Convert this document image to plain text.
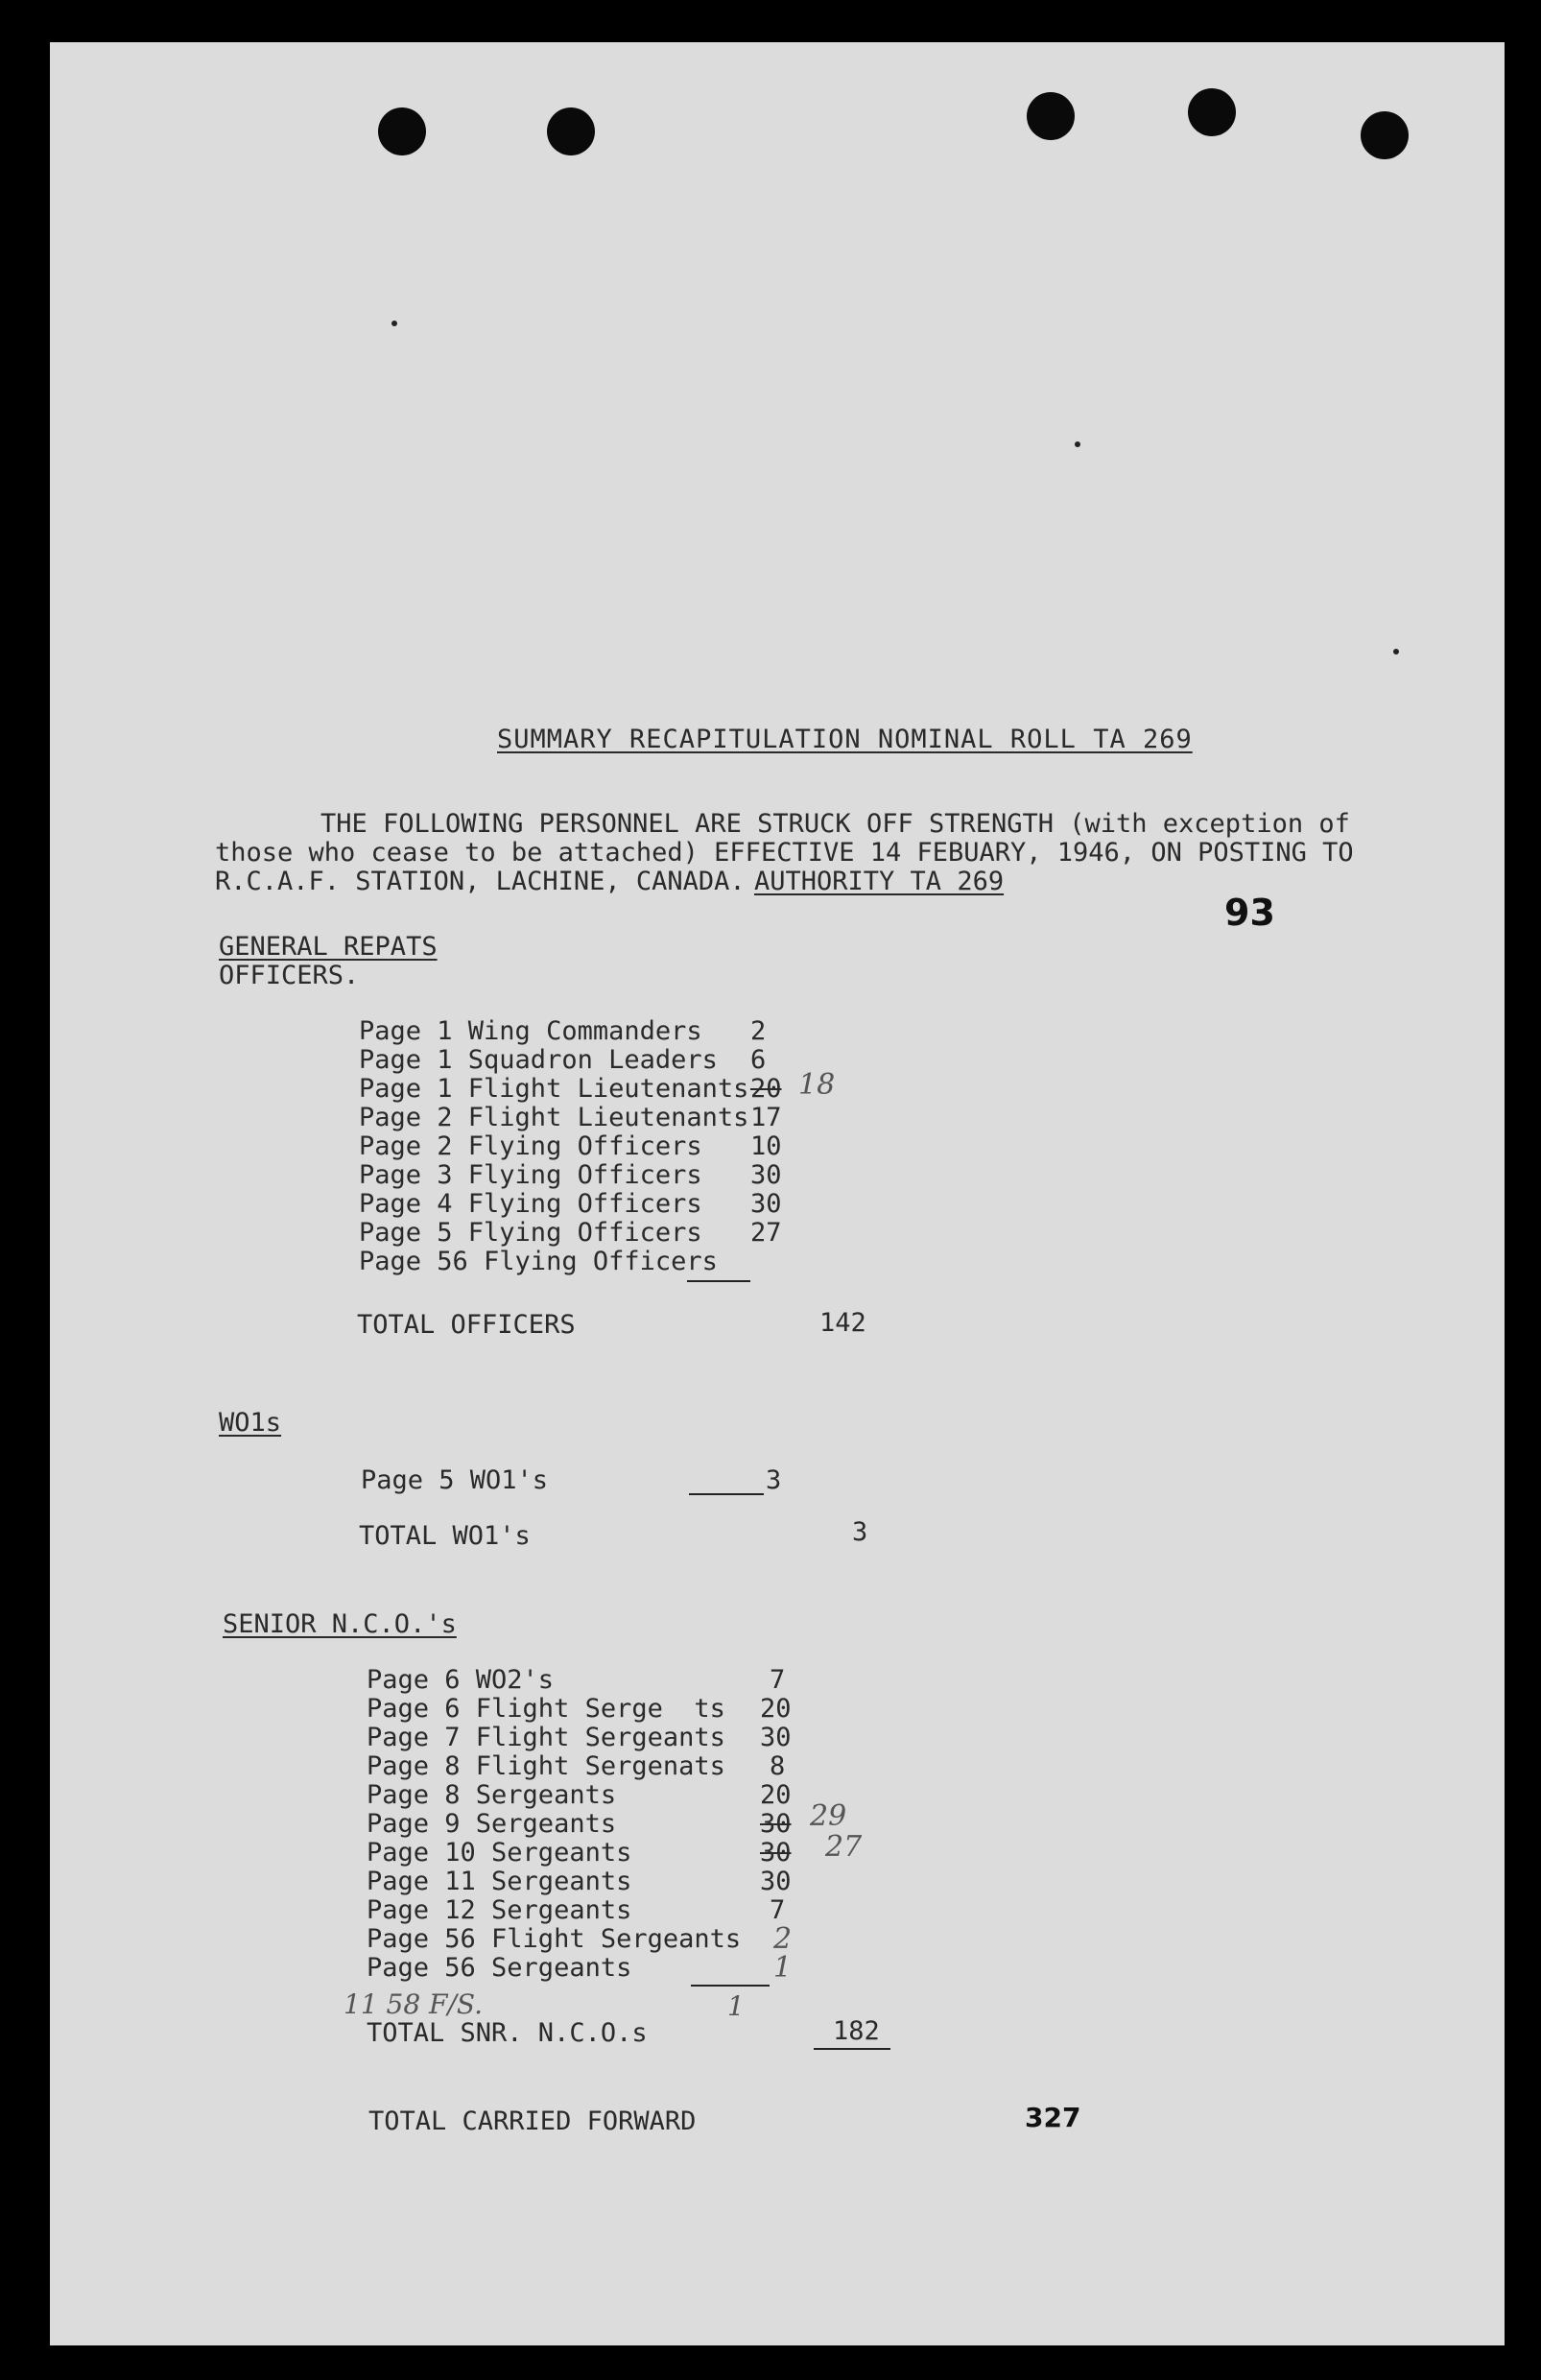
SUMMARY RECAPITULATION NOMINAL ROLL TA 269
THE FOLLOWING PERSONNEL ARE STRUCK OFF STRENGTH (with exception of
those who cease to be attached) EFFECTIVE 14 FEBUARY, 1946, ON POSTING TO
R.C.A.F. STATION, LACHINE, CANADA. AUTHORITY TA 269
93
GENERAL REPATS
OFFICERS.
Page 1 Wing Commanders 2
Page 1 Squadron Leaders 6
Page 1 Flight Lieutenants 20 18
Page 2 Flight Lieutenants 17
Page 2 Flying Officers 10
Page 3 Flying Officers 30
Page 4 Flying Officers 30
Page 5 Flying Officers 27
Page 56 Flying Officers
TOTAL OFFICERS	142
WO1s
Page 5 WO1's	3
TOTAL WO1's	3
SENIOR N.C.O.'s
Page 6 WO2's	7
Page 6 Flight Serge  ts 20
Page 7 Flight Sergeants 30
Page 8 Flight Sergenats 8
Page 8 Sergeants	20
Page 9 Sergeants	30 29
Page 10 Sergeants	30 27
Page 11 Sergeants	30
Page 12 Sergeants	7
Page 56 Flight Sergeants 2
Page 56 Sergeants	1
11 58 F/S.	1
TOTAL SNR. N.C.O.s	182
TOTAL CARRIED FORWARD	327
